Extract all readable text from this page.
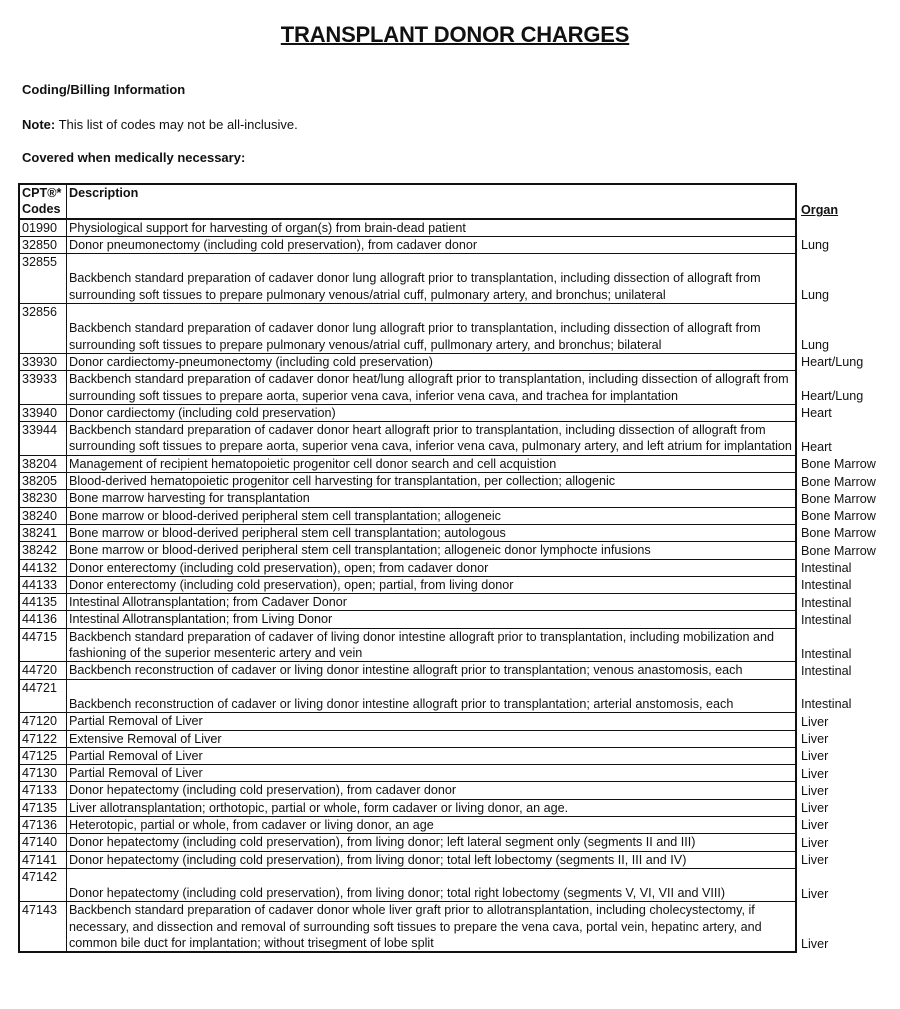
TRANSPLANT DONOR CHARGES
Coding/Billing Information
Note: This list of codes may not be all-inclusive.
Covered when medically necessary:
CPT®*
Codes	Description	Organ
01990	Physiological support for harvesting of organ(s) from brain-dead patient	
32850	Donor pneumonectomy (including cold preservation), from cadaver donor	Lung
32855	Backbench standard preparation of cadaver donor lung allograft prior to transplantation, including dissection of allograft from surrounding soft tissues to prepare pulmonary venous/atrial cuff, pulmonary artery, and bronchus; unilateral	Lung
32856	Backbench standard preparation of cadaver donor lung allograft prior to transplantation, including dissection of allograft from surrounding soft tissues to prepare pulmonary venous/atrial cuff, pullmonary artery, and bronchus; bilateral	Lung
33930	Donor cardiectomy-pneumonectomy (including cold preservation)	Heart/Lung
33933	Backbench standard preparation of cadaver donor heat/lung allograft prior to transplantation, including dissection of allograft from surrounding soft tissues to prepare aorta, superior vena cava, inferior vena cava, and trachea for implantation	Heart/Lung
33940	Donor cardiectomy (including cold preservation)	Heart
33944	Backbench standard preparation of cadaver donor heart allograft prior to transplantation, including dissection of allograft from surrounding soft tissues to prepare aorta, superior vena cava, inferior vena cava, pulmonary artery, and left atrium for implantation	Heart
38204	Management of recipient hematopoietic progenitor cell donor search and cell acquistion	Bone Marrow
38205	Blood-derived hematopoietic progenitor cell harvesting for transplantation, per collection; allogenic	Bone Marrow
38230	Bone marrow harvesting for transplantation	Bone Marrow
38240	Bone marrow or blood-derived peripheral stem cell transplantation; allogeneic	Bone Marrow
38241	Bone marrow or blood-derived peripheral stem cell transplantation; autologous	Bone Marrow
38242	Bone marrow or blood-derived peripheral stem cell transplantation; allogeneic donor lymphocte infusions	Bone Marrow
44132	Donor enterectomy (including cold preservation), open; from cadaver donor	Intestinal
44133	Donor enterectomy (including cold preservation), open; partial, from living donor	Intestinal
44135	Intestinal Allotransplantation; from Cadaver Donor	Intestinal
44136	Intestinal Allotransplantation; from Living Donor	Intestinal
44715	Backbench standard preparation of cadaver of living donor intestine allograft prior to transplantation, including mobilization and fashioning of the superior mesenteric artery and vein	Intestinal
44720	Backbench reconstruction of cadaver or living donor intestine allograft prior to transplantation; venous anastomosis, each	Intestinal
44721	Backbench reconstruction of cadaver or living donor intestine allograft prior to transplantation; arterial anstomosis, each	Intestinal
47120	Partial Removal of Liver	Liver
47122	Extensive Removal of Liver	Liver
47125	Partial Removal of Liver	Liver
47130	Partial Removal of Liver	Liver
47133	Donor hepatectomy (including cold preservation), from cadaver donor	Liver
47135	Liver allotransplantation; orthotopic, partial or whole, form cadaver or living donor, an age.	Liver
47136	Heterotopic, partial or whole, from cadaver or living donor, an age	Liver
47140	Donor hepatectomy (including cold preservation), from living donor; left lateral segment only (segments II and III)	Liver
47141	Donor hepatectomy (including cold preservation), from living donor; total left lobectomy (segments II, III and IV)	Liver
47142	Donor hepatectomy (including cold preservation), from living donor; total right lobectomy (segments V, VI, VII and VIII)	Liver
47143	Backbench standard preparation of cadaver donor whole liver graft prior to allotransplantation, including cholecystectomy, if necessary, and dissection and removal of surrounding soft tissues to prepare the vena cava, portal vein, hepatinc artery, and common bile duct for implantation; without trisegment of lobe split	Liver
